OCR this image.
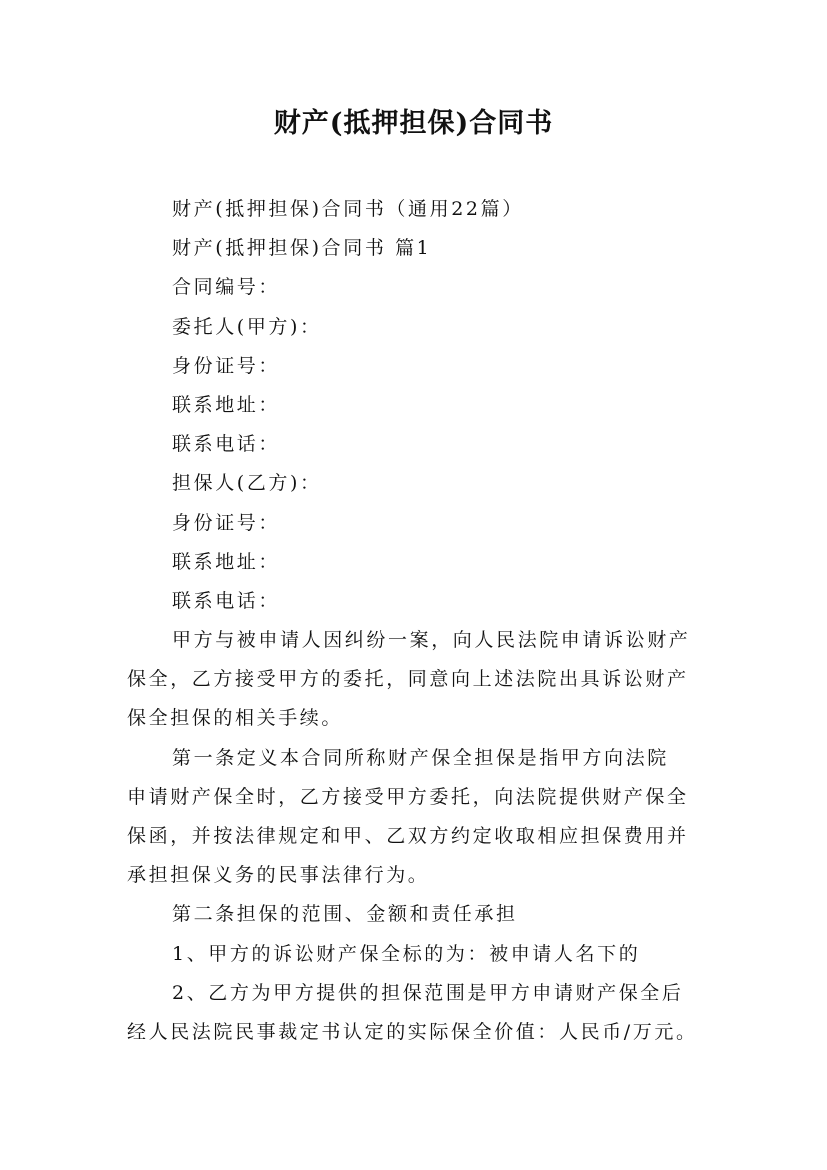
财产(抵押担保)合同书
财产(抵押担保)合同书（通用22篇）
财产(抵押担保)合同书 篇1
合同编号：
委托人(甲方)：
身份证号：
联系地址：
联系电话：
担保人(乙方)：
身份证号：
联系地址：
联系电话：
甲方与被申请人因纠纷一案，向人民法院申请诉讼财产
保全，乙方接受甲方的委托，同意向上述法院出具诉讼财产
保全担保的相关手续。
第一条定义本合同所称财产保全担保是指甲方向法院
申请财产保全时，乙方接受甲方委托，向法院提供财产保全
保函，并按法律规定和甲、乙双方约定收取相应担保费用并
承担担保义务的民事法律行为。
第二条担保的范围、金额和责任承担
1、甲方的诉讼财产保全标的为：被申请人名下的
2、乙方为甲方提供的担保范围是甲方申请财产保全后
经人民法院民事裁定书认定的实际保全价值：人民币/万元。
